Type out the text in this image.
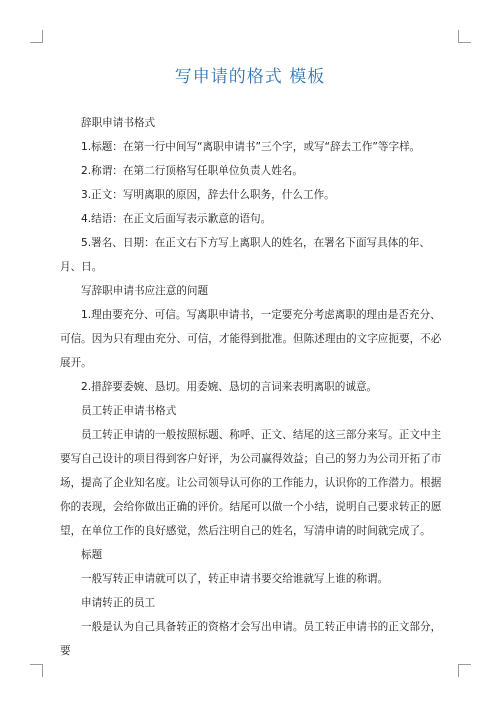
写申请的格式 模板

辞职申请书格式

1.标题：在第一行中间写“离职申请书”三个字，或写“辞去工作”等字样。

2.称谓：在第二行顶格写任职单位负责人姓名。

3.正文：写明离职的原因，辞去什么职务，什么工作。

4.结语：在正文后面写表示歉意的语句。

5.署名、日期：在正文右下方写上离职人的姓名，在署名下面写具体的年、月、日。

写辞职申请书应注意的问题

1.理由要充分、可信。写离职申请书，一定要充分考虑离职的理由是否充分、可信。因为只有理由充分、可信，才能得到批准。但陈述理由的文字应扼要，不必展开。

2.措辞要委婉、恳切。用委婉、恳切的言词来表明离职的诚意。

员工转正申请书格式

员工转正申请的一般按照标题、称呼、正文、结尾的这三部分来写。正文中主要写自己设计的项目得到客户好评，为公司赢得效益；自己的努力为公司开拓了市场，提高了企业知名度。让公司领导认可你的工作能力，认识你的工作潜力。根据你的表现，会给你做出正确的评价。结尾可以做一个小结，说明自己要求转正的愿望，在单位工作的良好感觉，然后注明自己的姓名，写清申请的时间就完成了。

标题

一般写转正申请就可以了，转正申请书要交给谁就写上谁的称谓。

申请转正的员工

一般是认为自己具备转正的资格才会写出申请。员工转正申请书的正文部分，要
